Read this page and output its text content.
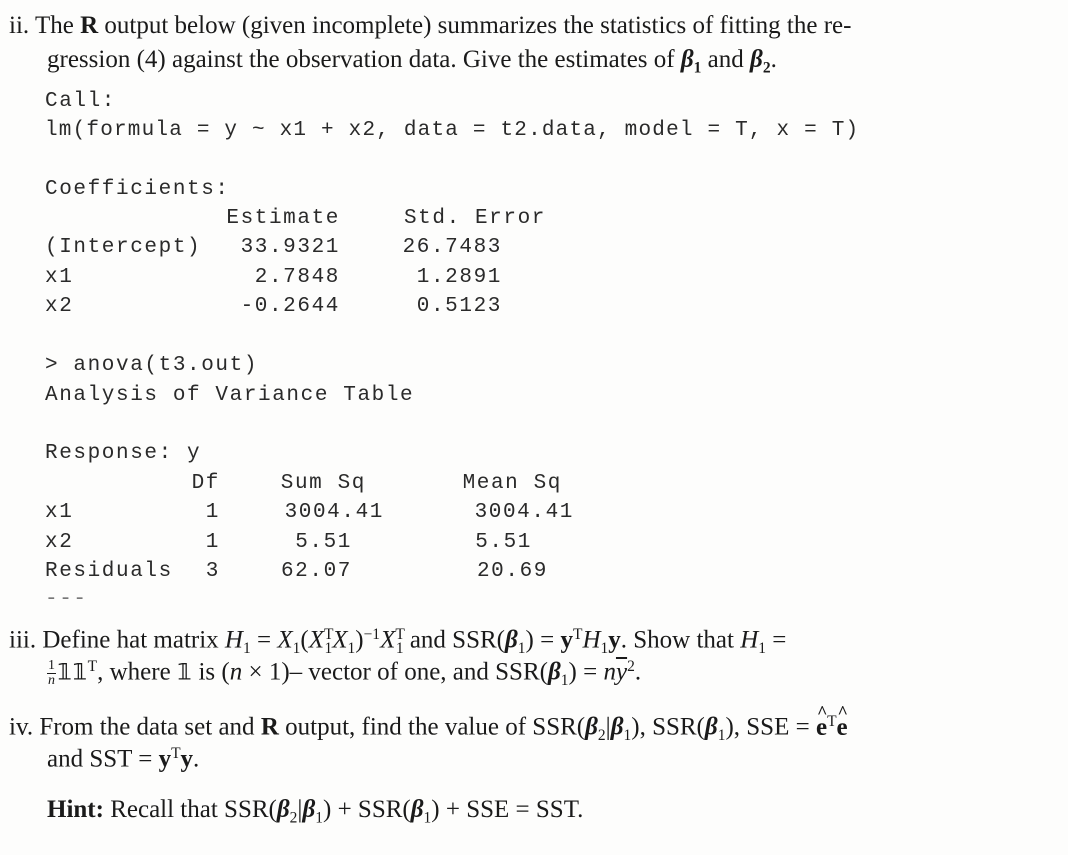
ii. The R output below (given incomplete) summarizes the statistics of fitting the re-
gression (4) against the observation data. Give the estimates of $\beta_1$ and $\beta_2$.
Call:
lm(formula = y ~ x1 + x2, data = t2.data, model = T, x = T)
Coefficients:
Estimate	Std. Error
(Intercept)	33.9321	26.7483
x1	2.7848	1.2891
x2	-0.2644	0.5123
> anova(t3.out)
Analysis of Variance Table
Response: y
Df	Sum Sq	Mean Sq
x1	1	3004.41	3004.41
x2	1	5.51	5.51
Residuals	3	62.07	20.69
---
iii. Define hat matrix $H_1 = X_1(X^T_1X_1)^{-1}X^T_1$ and $SSR(\beta_1) = y^TH_1y$. Show that $H_1$ =
$\frac{1}{n}$ $𝟙𝟙^T$, where 𝟙 is (n × 1)– vector of one, and $SSR(\beta_1) = n\overline{y}^2$.
iv. From the data set and R output, find the value of $SSR(\beta_2|\beta_1)$, $SSR(\beta_1)$, SSE = ^ $e^T\^{}$ e
and SST = $y^Ty$.
Hint: Recall that $SSR(\beta_2|\beta_1) + SSR(\beta_1)$ + SSE = SST.
